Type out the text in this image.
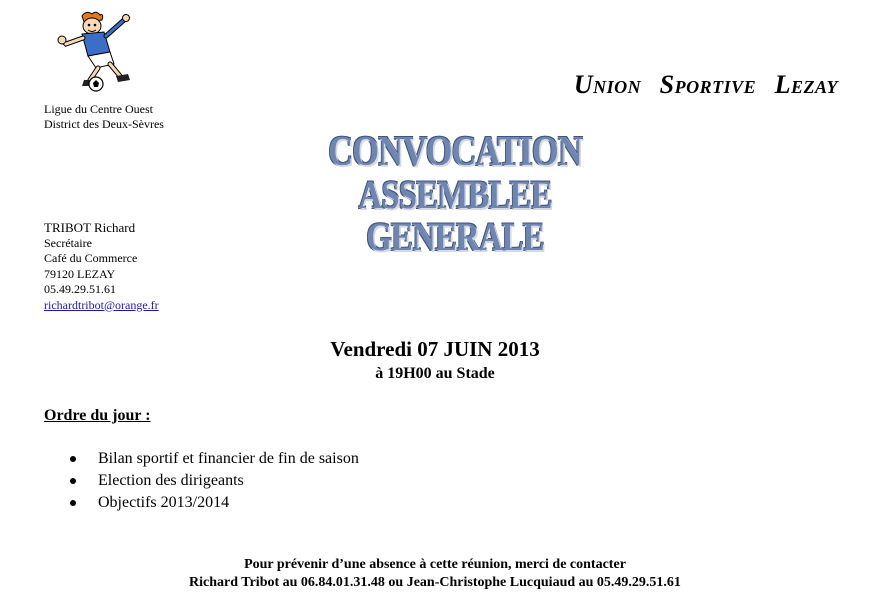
Ligue du Centre Ouest
District des Deux-Sèvres
UNION SPORTIVE LEZAY
CONVOCATION
ASSEMBLEE GENERALE
TRIBOT Richard
Secrétaire
Café du Commerce
79120 LEZAY
05.49.29.51.61
richardtribot@orange.fr
Vendredi 07 JUIN 2013
à 19H00 au Stade
Ordre du jour :
Bilan sportif et financier de fin de saison
Election des dirigeants
Objectifs 2013/2014
Pour prévenir d’une absence à cette réunion, merci de contacter
Richard Tribot au 06.84.01.31.48 ou Jean-Christophe Lucquiaud au 05.49.29.51.61
